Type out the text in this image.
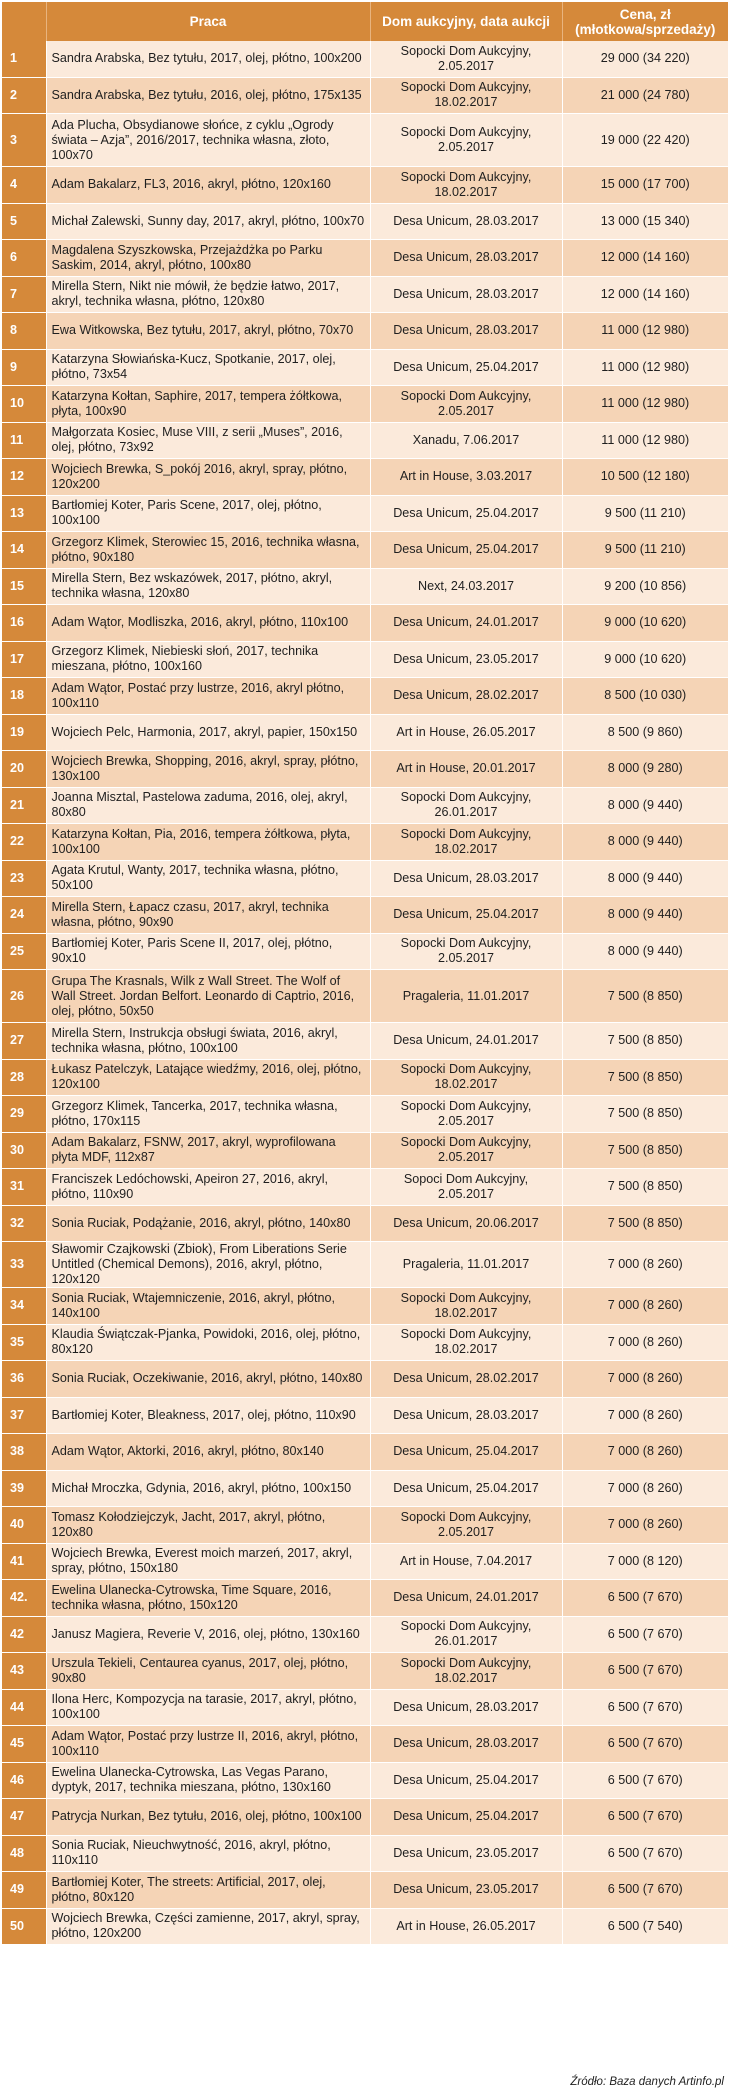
	Praca	Dom aukcyjny, data aukcji	Cena, zł (młotkowa/sprzedaży)
1	Sandra Arabska, Bez tytułu, 2017, olej, płótno, 100x200	Sopocki Dom Aukcyjny, 2.05.2017	29 000 (34 220)
2	Sandra Arabska, Bez tytułu, 2016, olej, płótno, 175x135	Sopocki Dom Aukcyjny, 18.02.2017	21 000 (24 780)
3	Ada Plucha, Obsydianowe słońce, z cyklu „Ogrody świata – Azja”, 2016/2017, technika własna, złoto, 100x70	Sopocki Dom Aukcyjny, 2.05.2017	19 000 (22 420)
4	Adam Bakalarz, FL3, 2016, akryl, płótno, 120x160	Sopocki Dom Aukcyjny, 18.02.2017	15 000 (17 700)
5	Michał Zalewski, Sunny day, 2017, akryl, płótno, 100x70	Desa Unicum, 28.03.2017	13 000 (15 340)
6	Magdalena Szyszkowska, Przejażdżka po Parku Saskim, 2014, akryl, płótno, 100x80	Desa Unicum, 28.03.2017	12 000 (14 160)
7	Mirella Stern, Nikt nie mówił, że będzie łatwo, 2017, akryl, technika własna, płótno, 120x80	Desa Unicum, 28.03.2017	12 000 (14 160)
8	Ewa Witkowska, Bez tytułu, 2017, akryl, płótno, 70x70	Desa Unicum, 28.03.2017	11 000 (12 980)
9	Katarzyna Słowiańska-Kucz, Spotkanie, 2017, olej, płótno, 73x54	Desa Unicum, 25.04.2017	11 000 (12 980)
10	Katarzyna Kołtan, Saphire, 2017, tempera żółtkowa, płyta, 100x90	Sopocki Dom Aukcyjny, 2.05.2017	11 000 (12 980)
11	Małgorzata Kosiec, Muse VIII, z serii „Muses”, 2016, olej, płótno, 73x92	Xanadu, 7.06.2017	11 000 (12 980)
12	Wojciech Brewka, S_pokój 2016, akryl, spray, płótno, 120x200	Art in House, 3.03.2017	10 500 (12 180)
13	Bartłomiej Koter, Paris Scene, 2017, olej, płótno, 100x100	Desa Unicum, 25.04.2017	9 500 (11 210)
14	Grzegorz Klimek, Sterowiec 15, 2016, technika własna, płótno, 90x180	Desa Unicum, 25.04.2017	9 500 (11 210)
15	Mirella Stern, Bez wskazówek, 2017, płótno, akryl, technika własna, 120x80	Next, 24.03.2017	9 200 (10 856)
16	Adam Wątor, Modliszka, 2016, akryl, płótno, 110x100	Desa Unicum, 24.01.2017	9 000 (10 620)
17	Grzegorz Klimek, Niebieski słoń, 2017, technika mieszana, płótno, 100x160	Desa Unicum, 23.05.2017	9 000 (10 620)
18	Adam Wątor, Postać przy lustrze, 2016, akryl płótno, 100x110	Desa Unicum, 28.02.2017	8 500 (10 030)
19	Wojciech Pelc, Harmonia, 2017, akryl, papier, 150x150	Art in House, 26.05.2017	8 500 (9 860)
20	Wojciech Brewka, Shopping, 2016, akryl, spray, płótno, 130x100	Art in House, 20.01.2017	8 000 (9 280)
21	Joanna Misztal, Pastelowa zaduma, 2016, olej, akryl, 80x80	Sopocki Dom Aukcyjny, 26.01.2017	8 000 (9 440)
22	Katarzyna Kołtan, Pia, 2016, tempera żółtkowa, płyta, 100x100	Sopocki Dom Aukcyjny, 18.02.2017	8 000 (9 440)
23	Agata Krutul, Wanty, 2017, technika własna, płótno, 50x100	Desa Unicum, 28.03.2017	8 000 (9 440)
24	Mirella Stern, Łapacz czasu, 2017, akryl, technika własna, płótno, 90x90	Desa Unicum, 25.04.2017	8 000 (9 440)
25	Bartłomiej Koter, Paris Scene II, 2017, olej, płótno, 90x10	Sopocki Dom Aukcyjny, 2.05.2017	8 000 (9 440)
26	Grupa The Krasnals, Wilk z Wall Street. The Wolf of Wall Street. Jordan Belfort. Leonardo di Captrio, 2016, olej, płótno, 50x50	Pragaleria, 11.01.2017	7 500 (8 850)
27	Mirella Stern, Instrukcja obsługi świata, 2016, akryl, technika własna, płótno, 100x100	Desa Unicum, 24.01.2017	7 500 (8 850)
28	Łukasz Patelczyk, Latające wiedźmy, 2016, olej, płótno, 120x100	Sopocki Dom Aukcyjny, 18.02.2017	7 500 (8 850)
29	Grzegorz Klimek, Tancerka, 2017, technika własna, płótno, 170x115	Sopocki Dom Aukcyjny, 2.05.2017	7 500 (8 850)
30	Adam Bakalarz, FSNW, 2017, akryl, wyprofilowana płyta MDF, 112x87	Sopocki Dom Aukcyjny, 2.05.2017	7 500 (8 850)
31	Franciszek Ledóchowski, Apeiron 27, 2016, akryl, płótno, 110x90	Sopoci Dom Aukcyjny, 2.05.2017	7 500 (8 850)
32	Sonia Ruciak, Podążanie, 2016, akryl, płótno, 140x80	Desa Unicum, 20.06.2017	7 500 (8 850)
33	Sławomir Czajkowski (Zbiok), From Liberations Serie Untitled (Chemical Demons), 2016, akryl, płótno, 120x120	Pragaleria, 11.01.2017	7 000 (8 260)
34	Sonia Ruciak, Wtajemniczenie, 2016, akryl, płótno, 140x100	Sopocki Dom Aukcyjny, 18.02.2017	7 000 (8 260)
35	Klaudia Świątczak-Pjanka, Powidoki, 2016, olej, płótno, 80x120	Sopocki Dom Aukcyjny, 18.02.2017	7 000 (8 260)
36	Sonia Ruciak, Oczekiwanie, 2016, akryl, płótno, 140x80	Desa Unicum, 28.02.2017	7 000 (8 260)
37	Bartłomiej Koter, Bleakness, 2017, olej, płótno, 110x90	Desa Unicum, 28.03.2017	7 000 (8 260)
38	Adam Wątor, Aktorki, 2016, akryl, płótno, 80x140	Desa Unicum, 25.04.2017	7 000 (8 260)
39	Michał Mroczka, Gdynia, 2016, akryl, płótno, 100x150	Desa Unicum, 25.04.2017	7 000 (8 260)
40	Tomasz Kołodziejczyk, Jacht, 2017, akryl, płótno, 120x80	Sopocki Dom Aukcyjny, 2.05.2017	7 000 (8 260)
41	Wojciech Brewka, Everest moich marzeń, 2017, akryl, spray, płótno, 150x180	Art in House, 7.04.2017	7 000 (8 120)
42.	Ewelina Ulanecka-Cytrowska, Time Square, 2016, technika własna, płótno, 150x120	Desa Unicum, 24.01.2017	6 500 (7 670)
42	Janusz Magiera, Reverie V, 2016, olej, płótno, 130x160	Sopocki Dom Aukcyjny, 26.01.2017	6 500 (7 670)
43	Urszula Tekieli, Centaurea cyanus, 2017, olej, płótno, 90x80	Sopocki Dom Aukcyjny, 18.02.2017	6 500 (7 670)
44	Ilona Herc, Kompozycja na tarasie, 2017, akryl, płótno, 100x100	Desa Unicum, 28.03.2017	6 500 (7 670)
45	Adam Wątor, Postać przy lustrze II, 2016, akryl, płótno, 100x110	Desa Unicum, 28.03.2017	6 500 (7 670)
46	Ewelina Ulanecka-Cytrowska, Las Vegas Parano, dyptyk, 2017, technika mieszana, płótno, 130x160	Desa Unicum, 25.04.2017	6 500 (7 670)
47	Patrycja Nurkan, Bez tytułu, 2016, olej, płótno, 100x100	Desa Unicum, 25.04.2017	6 500 (7 670)
48	Sonia Ruciak, Nieuchwytność, 2016, akryl, płótno, 110x110	Desa Unicum, 23.05.2017	6 500 (7 670)
49	Bartłomiej Koter, The streets: Artificial, 2017, olej, płótno, 80x120	Desa Unicum, 23.05.2017	6 500 (7 670)
50	Wojciech Brewka, Części zamienne, 2017, akryl, spray, płótno, 120x200	Art in House, 26.05.2017	6 500 (7 540)
Źródło: Baza danych Artinfo.pl
